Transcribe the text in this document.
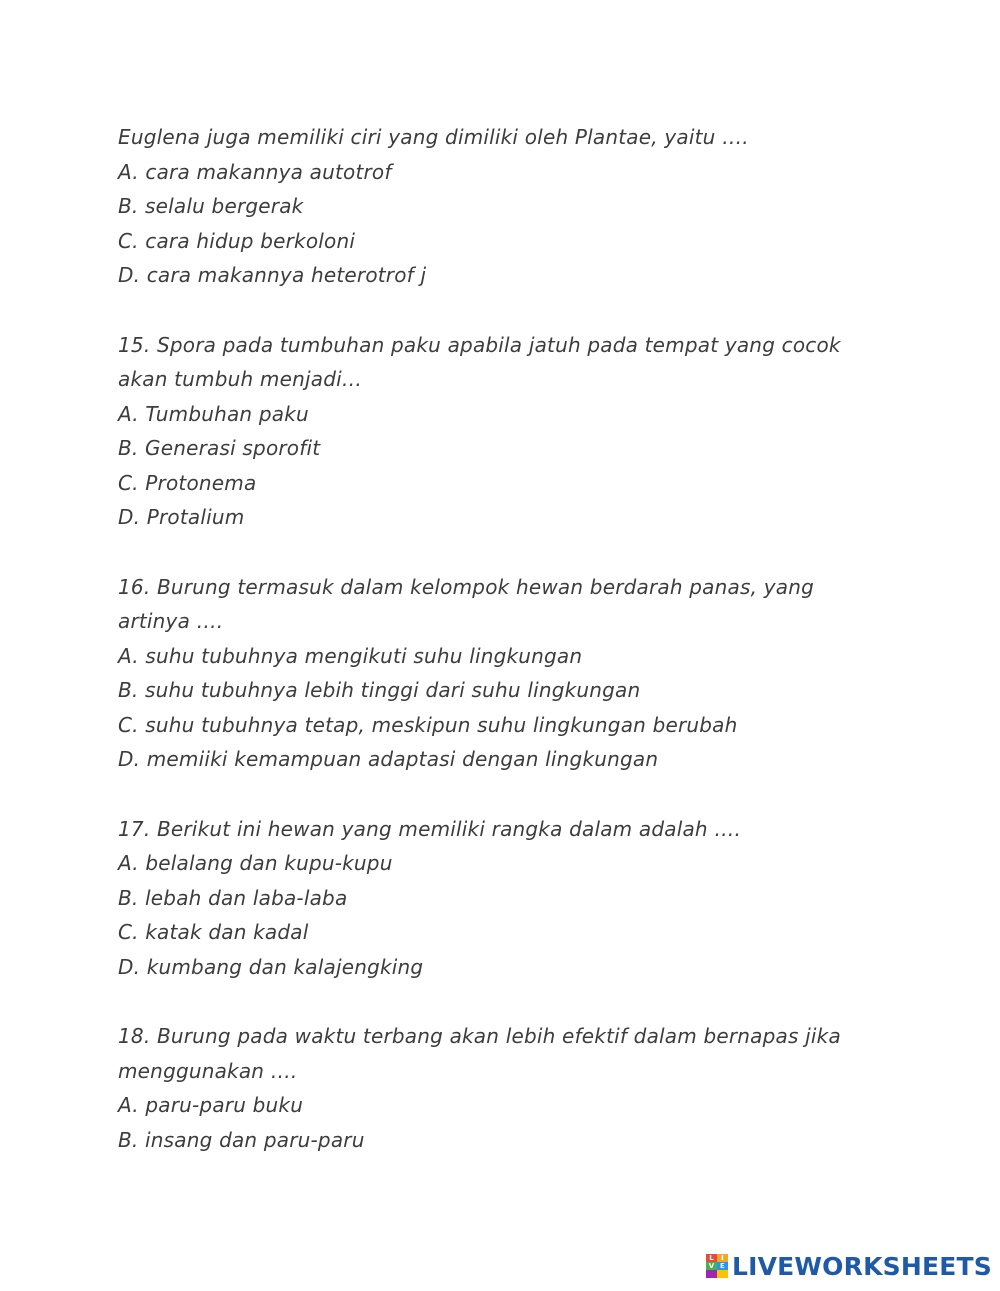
Euglena juga memiliki ciri yang dimiliki oleh Plantae, yaitu ….

A. cara makannya autotrof
B. selalu bergerak
C. cara hidup berkoloni
D. cara makannya heterotrof j

15. Spora pada tumbuhan paku apabila jatuh pada tempat yang cocok

akan tumbuh menjadi…

A. Tumbuhan paku
B. Generasi sporofit
C. Protonema
D. Protalium

16. Burung termasuk dalam kelompok hewan berdarah panas, yang

artinya ….

A. suhu tubuhnya mengikuti suhu lingkungan
B. suhu tubuhnya lebih tinggi dari suhu lingkungan
C. suhu tubuhnya tetap, meskipun suhu lingkungan berubah
D. memiiki kemampuan adaptasi dengan lingkungan

17. Berikut ini hewan yang memiliki rangka dalam adalah ….

A. belalang dan kupu-kupu
B. lebah dan laba-laba
C. katak dan kadal
D. kumbang dan kalajengking

18. Burung pada waktu terbang akan lebih efektif dalam bernapas jika

menggunakan ….

A. paru-paru buku
B. insang dan paru-paru
L	I
V E LIVEWORKSHEETS
